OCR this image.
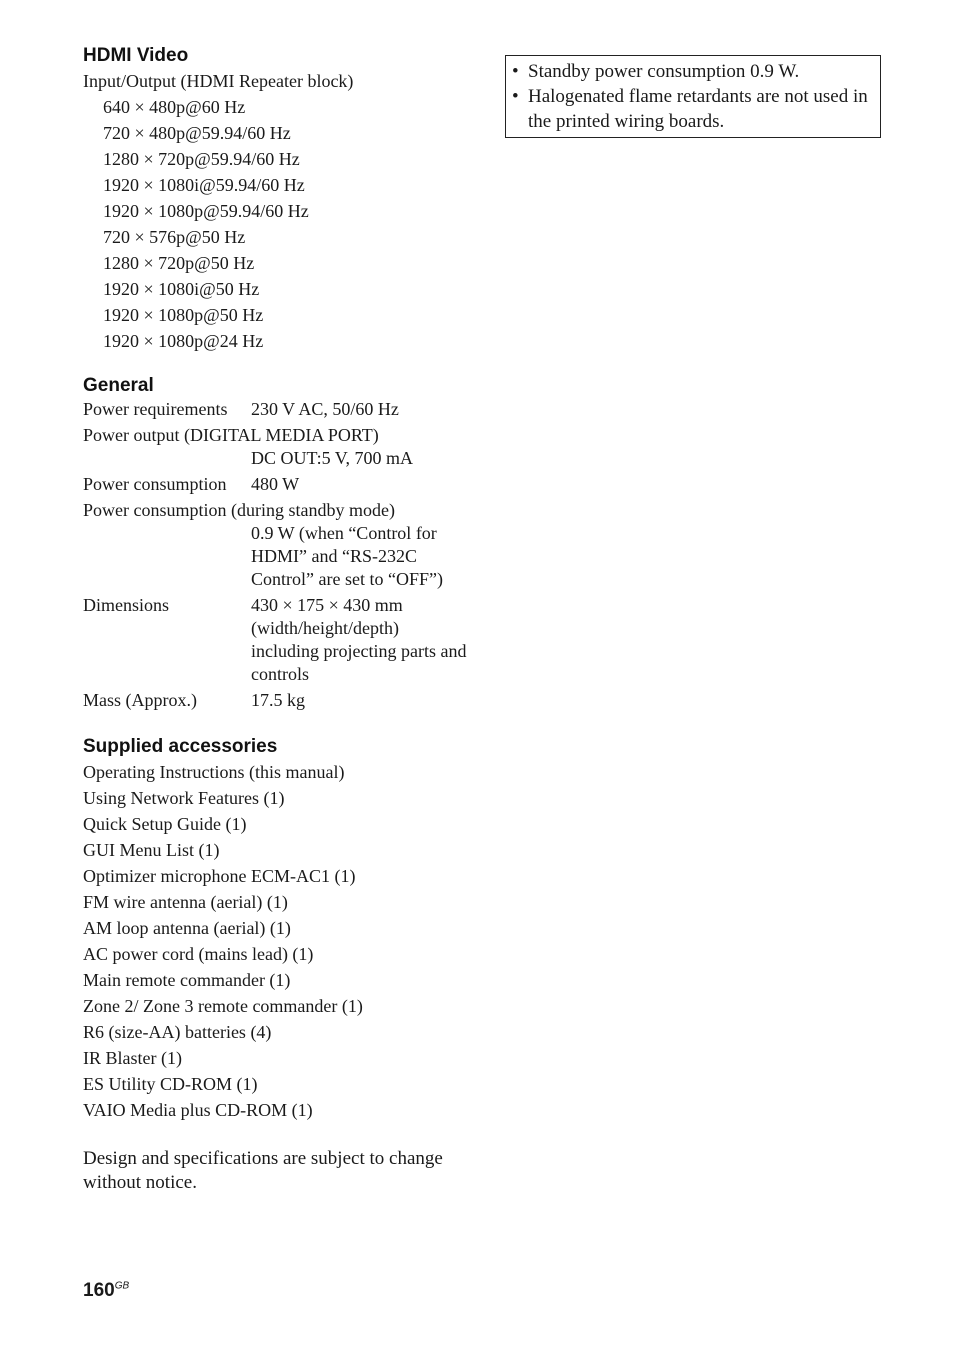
HDMI Video
Input/Output (HDMI Repeater block)
640 × 480p@60 Hz
720 × 480p@59.94/60 Hz
1280 × 720p@59.94/60 Hz
1920 × 1080i@59.94/60 Hz
1920 × 1080p@59.94/60 Hz
720 × 576p@50 Hz
1280 × 720p@50 Hz
1920 × 1080i@50 Hz
1920 × 1080p@50 Hz
1920 × 1080p@24 Hz
General
Power requirements	230 V AC, 50/60 Hz
Power output (DIGITAL MEDIA PORT)
DC OUT:5 V, 700 mA
Power consumption	480 W
Power consumption (during standby mode)
0.9 W (when “Control for HDMI” and “RS-232C Control” are set to “OFF”)
Dimensions	430 × 175 × 430 mm (width/height/depth) including projecting parts and controls
Mass (Approx.)	17.5 kg
Supplied accessories
Operating Instructions (this manual)
Using Network Features (1)
Quick Setup Guide (1)
GUI Menu List (1)
Optimizer microphone ECM-AC1 (1)
FM wire antenna (aerial) (1)
AM loop antenna (aerial) (1)
AC power cord (mains lead) (1)
Main remote commander (1)
Zone 2/ Zone 3 remote commander (1)
R6 (size-AA) batteries (4)
IR Blaster (1)
ES Utility CD-ROM (1)
VAIO Media plus CD-ROM (1)
Design and specifications are subject to change without notice.
• Standby power consumption 0.9 W.
• Halogenated flame retardants are not used in the printed wiring boards.
$160^{GB}$
